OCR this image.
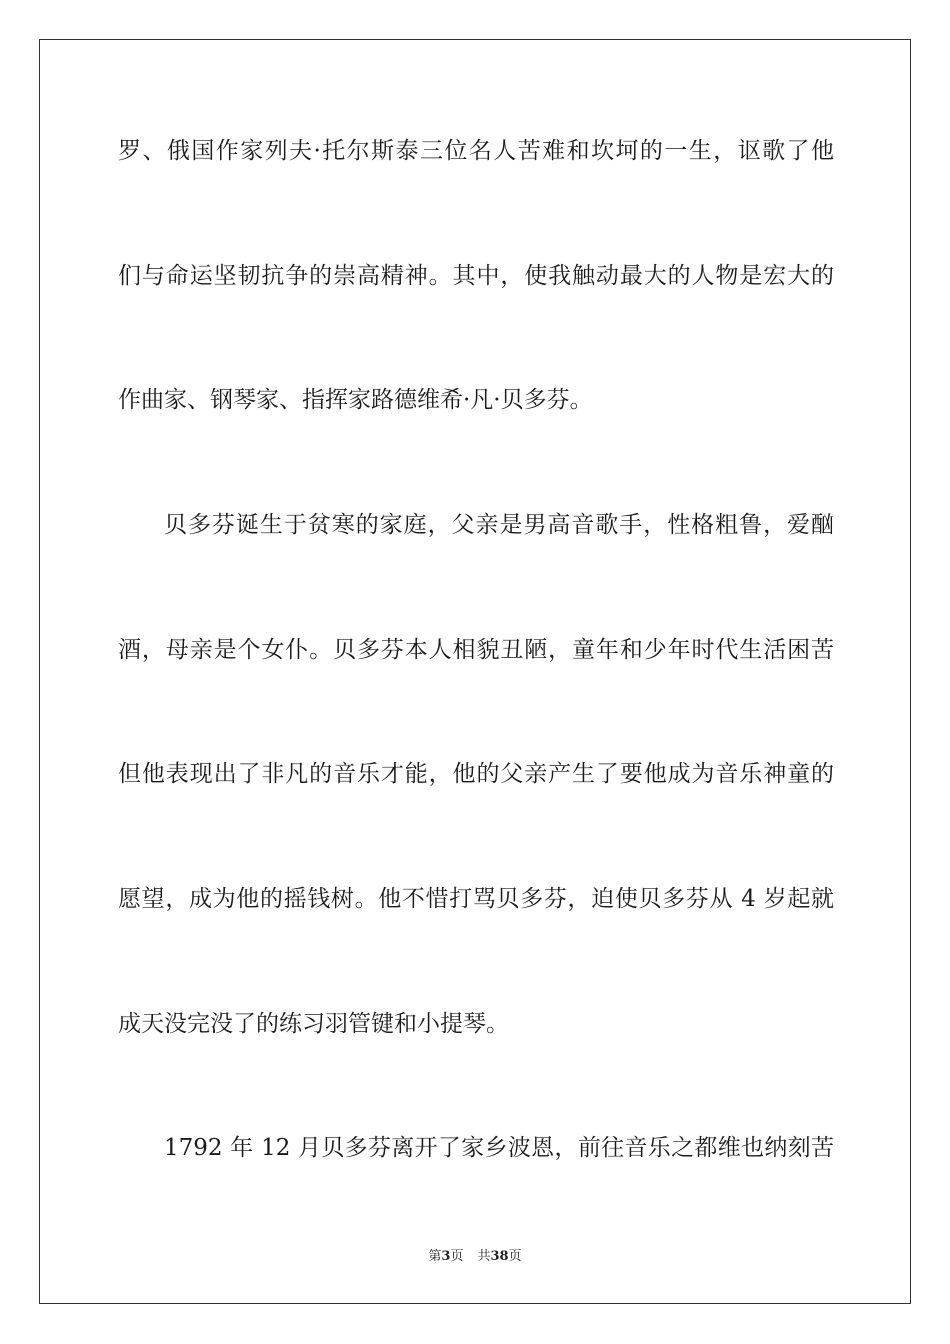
罗、俄国作家列夫·托尔斯泰三位名人苦难和坎坷的一生，讴歌了他
们与命运坚韧抗争的崇高精神。其中，使我触动最大的人物是宏大的
作曲家、钢琴家、指挥家路德维希·凡·贝多芬。
贝多芬诞生于贫寒的家庭，父亲是男高音歌手，性格粗鲁，爱酗
酒，母亲是个女仆。贝多芬本人相貌丑陋，童年和少年时代生活困苦
但他表现出了非凡的音乐才能，他的父亲产生了要他成为音乐神童的
愿望，成为他的摇钱树。他不惜打骂贝多芬，迫使贝多芬从 4 岁起就
成天没完没了的练习羽管键和小提琴。
1792 年 12 月贝多芬离开了家乡波恩，前往音乐之都维也纳刻苦
第3页 共38页
